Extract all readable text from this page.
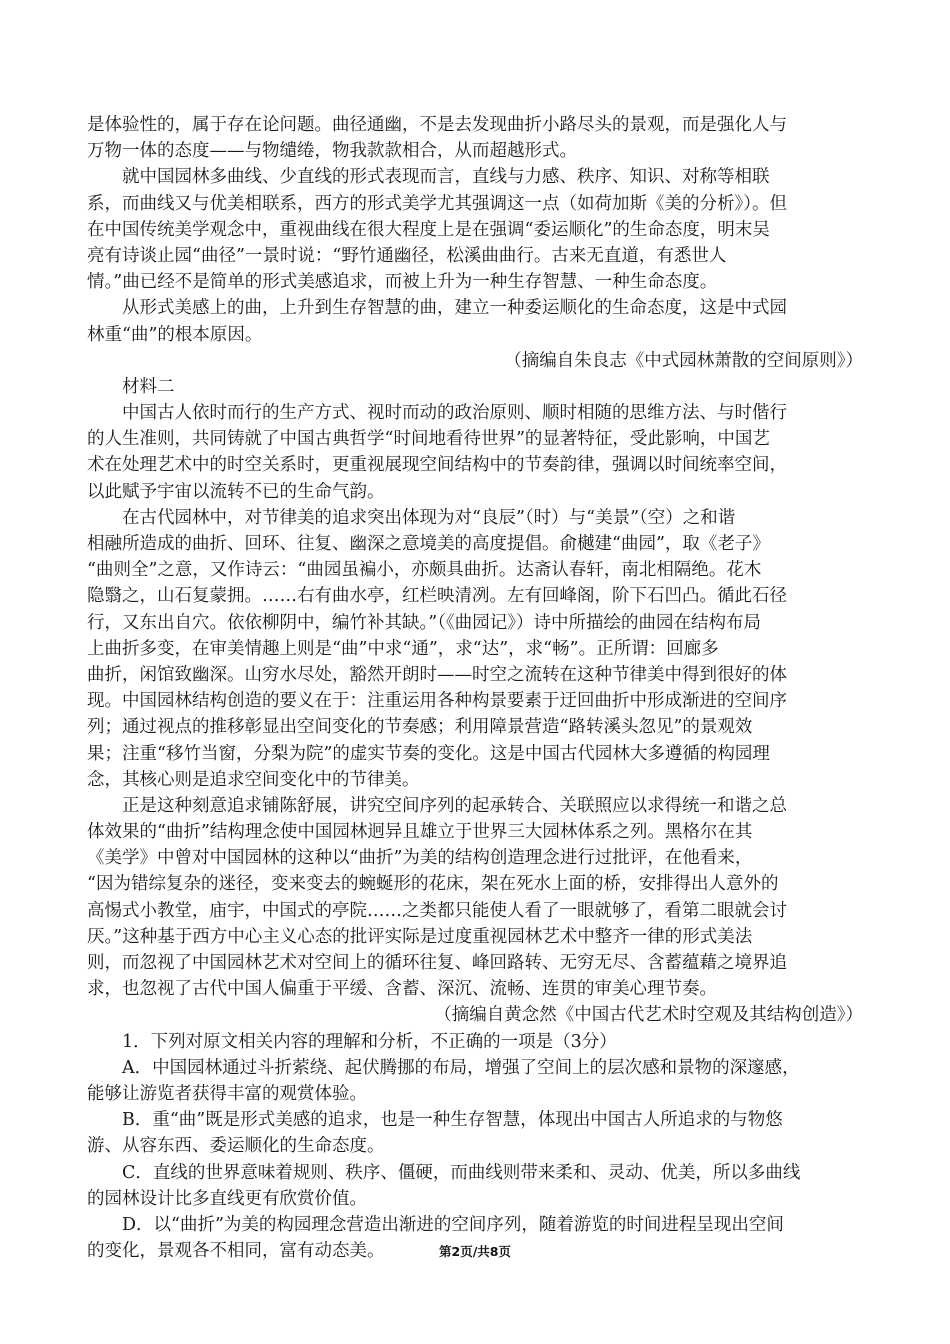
是体验性的，属于存在论问题。曲径通幽，不是去发现曲折小路尽头的景观，而是强化人与
万物一体的态度——与物缱绻，物我款款相合，从而超越形式。
就中国园林多曲线、少直线的形式表现而言，直线与力感、秩序、知识、对称等相联
系，而曲线又与优美相联系，西方的形式美学尤其强调这一点（如荷加斯《美的分析》）。但
在中国传统美学观念中，重视曲线在很大程度上是在强调“委运顺化”的生命态度，明末吴
亮有诗谈止园“曲径”一景时说：“野竹通幽径，松溪曲曲行。古来无直道，有悉世人
情。”曲已经不是简单的形式美感追求，而被上升为一种生存智慧、一种生命态度。
从形式美感上的曲，上升到生存智慧的曲，建立一种委运顺化的生命态度，这是中式园
林重“曲”的根本原因。
（摘编自朱良志《中式园林萧散的空间原则》）
材料二
中国古人依时而行的生产方式、视时而动的政治原则、顺时相随的思维方法、与时偕行
的人生准则，共同铸就了中国古典哲学“时间地看待世界”的显著特征，受此影响，中国艺
术在处理艺术中的时空关系时，更重视展现空间结构中的节奏韵律，强调以时间统率空间，
以此赋予宇宙以流转不已的生命气韵。
在古代园林中，对节律美的追求突出体现为对“良辰”（时）与“美景”（空）之和谐
相融所造成的曲折、回环、往复、幽深之意境美的高度提倡。俞樾建“曲园”，取《老子》
“曲则全”之意，又作诗云：“曲园虽褊小，亦颇具曲折。达斋认春轩，南北相隔绝。花木
隐翳之，山石复蒙拥。……右有曲水亭，红栏映清冽。左有回峰阁，阶下石凹凸。循此石径
行，又东出自穴。依依柳阴中，编竹补其缺。”（《曲园记》）诗中所描绘的曲园在结构布局
上曲折多变，在审美情趣上则是“曲”中求“通”，求“达”，求“畅”。正所谓：回廊多
曲折，闲馆致幽深。山穷水尽处，豁然开朗时——时空之流转在这种节律美中得到很好的体
现。中国园林结构创造的要义在于：注重运用各种构景要素于迂回曲折中形成渐进的空间序
列；通过视点的推移彰显出空间变化的节奏感；利用障景营造“路转溪头忽见”的景观效
果；注重“移竹当窗，分梨为院”的虚实节奏的变化。这是中国古代园林大多遵循的构园理
念，其核心则是追求空间变化中的节律美。
正是这种刻意追求铺陈舒展，讲究空间序列的起承转合、关联照应以求得统一和谐之总
体效果的“曲折”结构理念使中国园林迥异且雄立于世界三大园林体系之列。黑格尔在其
《美学》中曾对中国园林的这种以“曲折”为美的结构创造理念进行过批评，在他看来，
“因为错综复杂的迷径，变来变去的蜿蜒形的花床，架在死水上面的桥，安排得出人意外的
高惕式小教堂，庙宇，中国式的亭院……之类都只能使人看了一眼就够了，看第二眼就会讨
厌。”这种基于西方中心主义心态的批评实际是过度重视园林艺术中整齐一律的形式美法
则，而忽视了中国园林艺术对空间上的循环往复、峰回路转、无穷无尽、含蓄蕴藉之境界追
求，也忽视了古代中国人偏重于平缓、含蓄、深沉、流畅、连贯的审美心理节奏。
（摘编自黄念然《中国古代艺术时空观及其结构创造》）
1．下列对原文相关内容的理解和分析，不正确的一项是（3分）
A．中国园林通过斗折萦绕、起伏腾挪的布局，增强了空间上的层次感和景物的深邃感，
能够让游览者获得丰富的观赏体验。
B．重“曲”既是形式美感的追求，也是一种生存智慧，体现出中国古人所追求的与物悠
游、从容东西、委运顺化的生命态度。
C．直线的世界意味着规则、秩序、僵硬，而曲线则带来柔和、灵动、优美，所以多曲线
的园林设计比多直线更有欣赏价值。
D．以“曲折”为美的构园理念营造出渐进的空间序列，随着游览的时间进程呈现出空间
的变化，景观各不相同，富有动态美。	第2页/共8页
